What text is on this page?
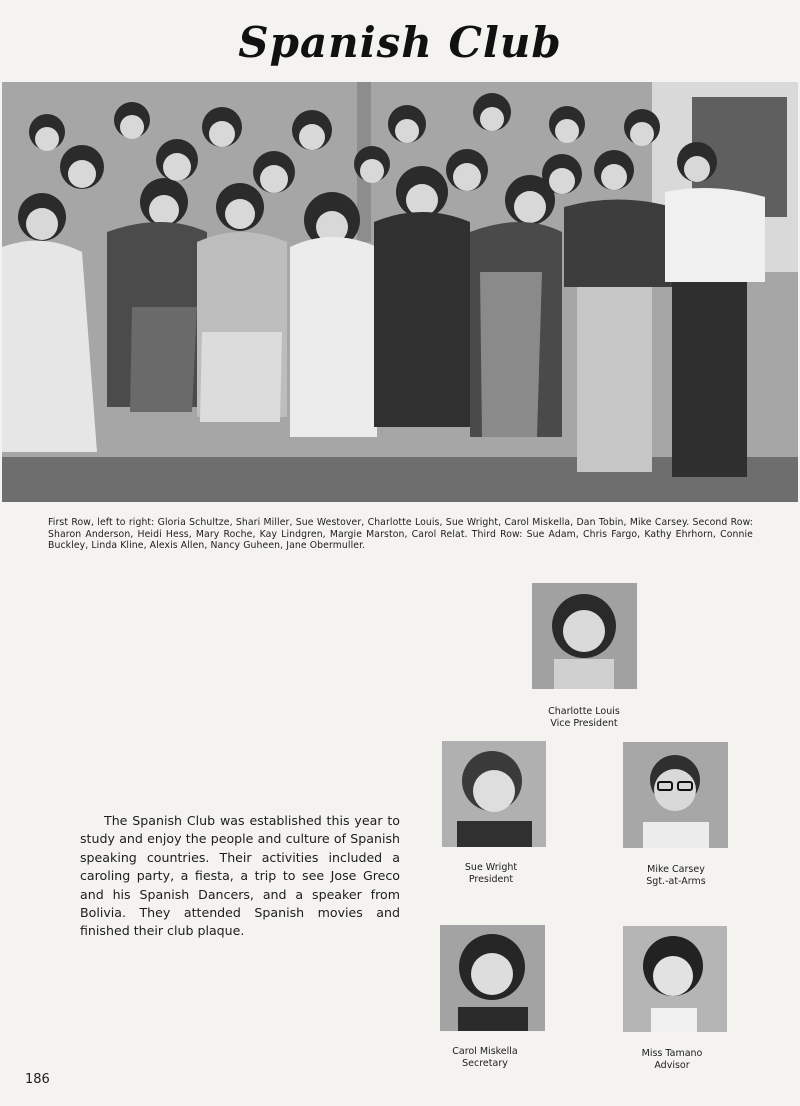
Spanish Club
First Row, left to right: Gloria Schultze, Shari Miller, Sue Westover, Charlotte Louis, Sue Wright, Carol Miskella, Dan Tobin, Mike Carsey. Second Row: Sharon Anderson, Heidi Hess, Mary Roche, Kay Lindgren, Margie Marston, Carol Relat. Third Row: Sue Adam, Chris Fargo, Kathy Ehrhorn, Connie Buckley, Linda Kline, Alexis Allen, Nancy Guheen, Jane Obermuller.
The Spanish Club was established this year to study and enjoy the people and culture of Spanish speaking countries. Their activities included a caroling party, a fiesta, a trip to see Jose Greco and his Spanish Dancers, and a speaker from Bolivia. They attended Spanish movies and finished their club plaque.
Charlotte Louis
Vice President
Sue Wright
President
Mike Carsey
Sgt.-at-Arms
Carol Miskella
Secretary
Miss Tamano
Advisor
186
